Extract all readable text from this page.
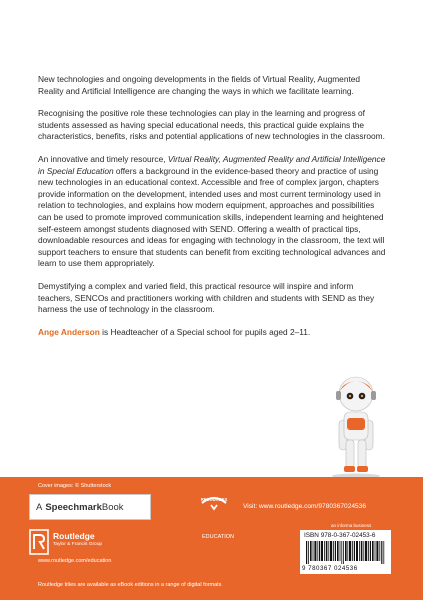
New technologies and ongoing developments in the fields of Virtual Reality, Augmented Reality and Artificial Intelligence are changing the ways in which we facilitate learning.

Recognising the positive role these technologies can play in the learning and progress of students assessed as having special educational needs, this practical guide explains the characteristics, benefits, risks and potential applications of new technologies in the classroom.

An innovative and timely resource, Virtual Reality, Augmented Reality and Artificial Intelligence in Special Education offers a background in the evidence-based theory and practice of using new technologies in an educational context. Accessible and free of complex jargon, chapters provide information on the development, intended uses and most current terminology used in relation to technologies, and explains how modern equipment, approaches and possibilities can be used to promote improved communication skills, independent learning and heightened self-esteem amongst students diagnosed with SEND. Offering a wealth of practical tips, downloadable resources and ideas for engaging with technology in the classroom, the text will support teachers to ensure that students can benefit from exciting technological advances and learn to use them appropriately.

Demystifying a complex and varied field, this practical resource will inspire and inform teachers, SENCOs and practitioners working with children and students with SEND as they harness the use of technology in the classroom.

Ange Anderson is Headteacher of a Special school for pupils aged 2–11.

Cover images: © Shutterstock
A Speechmark Book
Routledge
Taylor & Francis Group
www.routledge.com/education
RESOURCES
Visit: www.routledge.com/9780367024536
EDUCATION
an informa business
ISBN 978-0-367-02453-6
9 780367 024536
Routledge titles are available as eBook editions in a range of digital formats
